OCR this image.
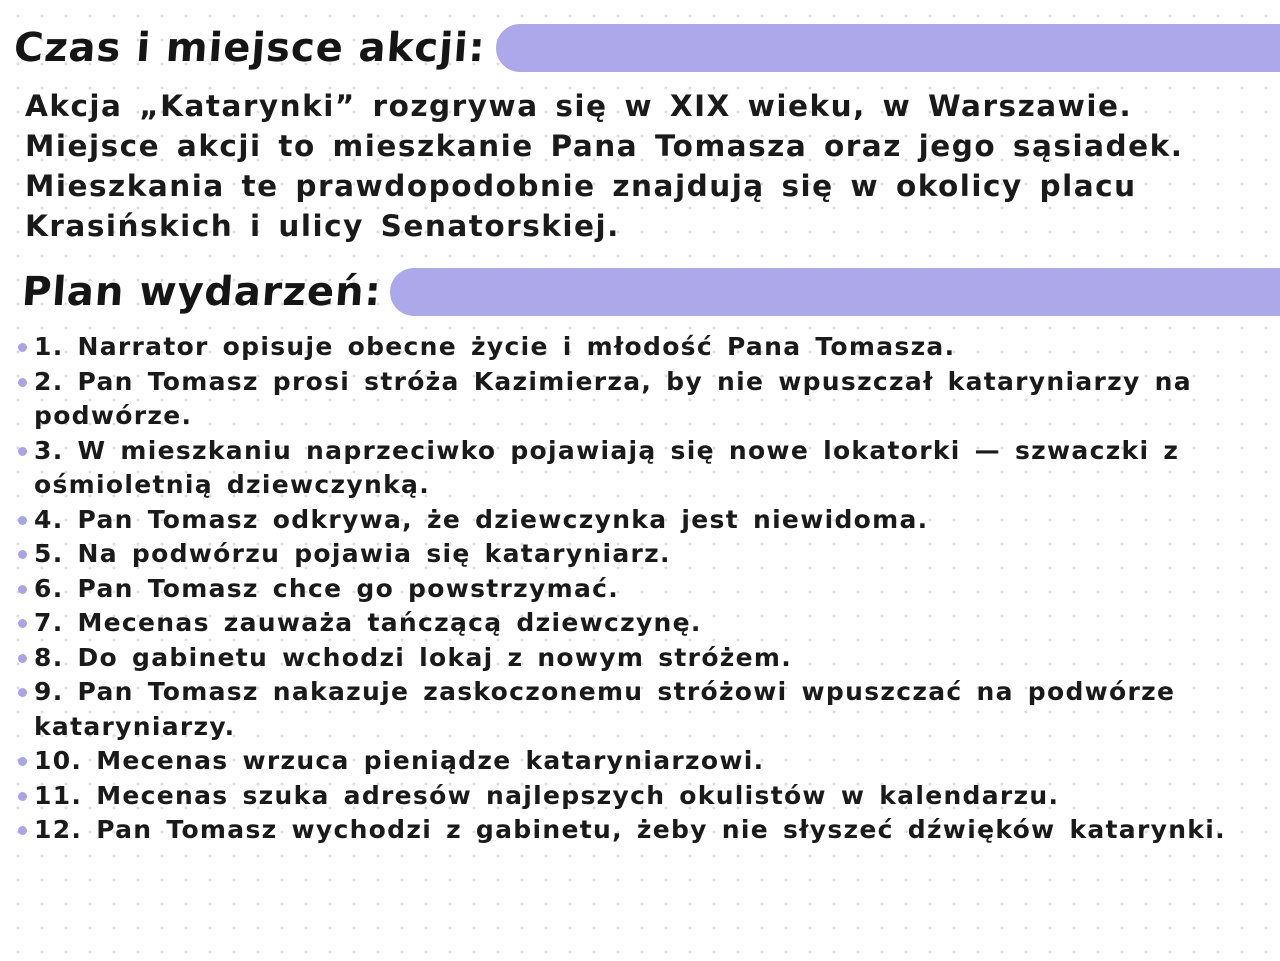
Czas i miejsce akcji:

Akcja „Katarynki” rozgrywa się w XIX wieku, w Warszawie. Miejsce akcji to mieszkanie Pana Tomasza oraz jego sąsiadek. Mieszkania te prawdopodobnie znajdują się w okolicy placu Krasińskich i ulicy Senatorskiej.

Plan wydarzeń:
1. Narrator opisuje obecne życie i młodość Pana Tomasza.
2. Pan Tomasz prosi stróża Kazimierza, by nie wpuszczał kataryniarzy na podwórze.
3. W mieszkaniu naprzeciwko pojawiają się nowe lokatorki — szwaczki z ośmioletnią dziewczynką.
4. Pan Tomasz odkrywa, że dziewczynka jest niewidoma.
5. Na podwórzu pojawia się kataryniarz.
6. Pan Tomasz chce go powstrzymać.
7. Mecenas zauważa tańczącą dziewczynę.
8. Do gabinetu wchodzi lokaj z nowym stróżem.
9. Pan Tomasz nakazuje zaskoczonemu stróżowi wpuszczać na podwórze kataryniarzy.
10. Mecenas wrzuca pieniądze kataryniarzowi.
11. Mecenas szuka adresów najlepszych okulistów w kalendarzu.
12. Pan Tomasz wychodzi z gabinetu, żeby nie słyszeć dźwięków katarynki.
